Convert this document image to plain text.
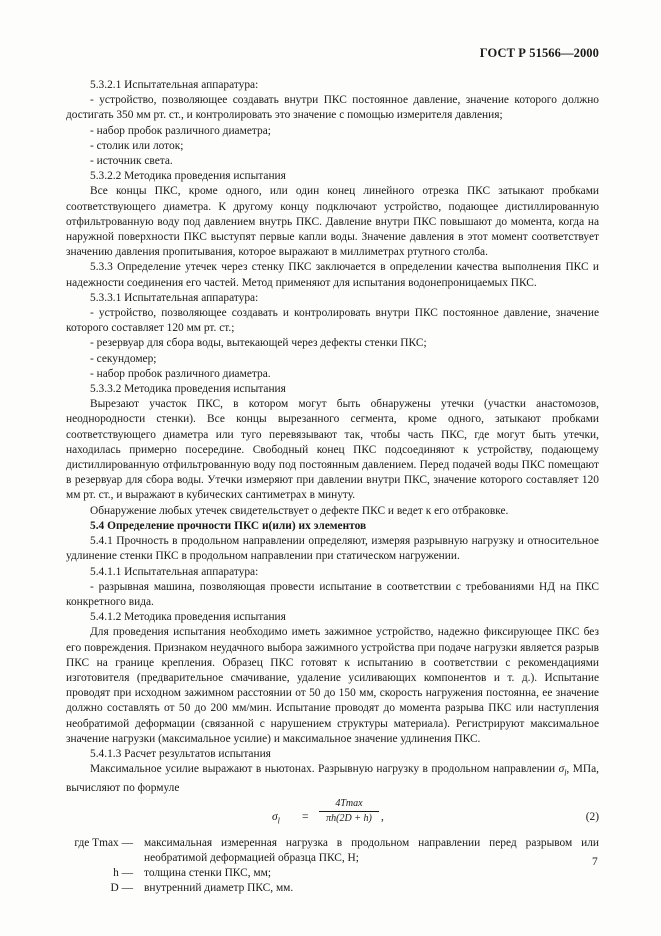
ГОСТ Р 51566—2000

5.3.2.1 Испытательная аппаратура:

- устройство, позволяющее создавать внутри ПКС постоянное давление, значение которого должно достигать 350 мм рт. ст., и контролировать это значение с помощью измерителя давления;

- набор пробок различного диаметра;

- столик или лоток;

- источник света.

5.3.2.2 Методика проведения испытания

Все концы ПКС, кроме одного, или один конец линейного отрезка ПКС затыкают пробками соответствующего диаметра. К другому концу подключают устройство, подающее дистиллированную отфильтрованную воду под давлением внутрь ПКС. Давление внутри ПКС повышают до момента, когда на наружной поверхности ПКС выступят первые капли воды. Значение давления в этот момент соответствует значению давления пропитывания, которое выражают в миллиметрах ртутного столба.

5.3.3 Определение утечек через стенку ПКС заключается в определении качества выполнения ПКС и надежности соединения его частей. Метод применяют для испытания водонепроницаемых ПКС.

5.3.3.1 Испытательная аппаратура:

- устройство, позволяющее создавать и контролировать внутри ПКС постоянное давление, значение которого составляет 120 мм рт. ст.;

- резервуар для сбора воды, вытекающей через дефекты стенки ПКС;

- секундомер;

- набор пробок различного диаметра.

5.3.3.2 Методика проведения испытания

Вырезают участок ПКС, в котором могут быть обнаружены утечки (участки анастомозов, неоднородности стенки). Все концы вырезанного сегмента, кроме одного, затыкают пробками соответствующего диаметра или туго перевязывают так, чтобы часть ПКС, где могут быть утечки, находилась примерно посередине. Свободный конец ПКС подсоединяют к устройству, подающему дистиллированную отфильтрованную воду под постоянным давлением. Перед подачей воды ПКС помещают в резервуар для сбора воды. Утечки измеряют при давлении внутри ПКС, значение которого составляет 120 мм рт. ст., и выражают в кубических сантиметрах в минуту.

Обнаружение любых утечек свидетельствует о дефекте ПКС и ведет к его отбраковке.

5.4 Определение прочности ПКС и(или) их элементов

5.4.1 Прочность в продольном направлении определяют, измеряя разрывную нагрузку и относительное удлинение стенки ПКС в продольном направлении при статическом нагружении.

5.4.1.1 Испытательная аппаратура:

- разрывная машина, позволяющая провести испытание в соответствии с требованиями НД на ПКС конкретного вида.

5.4.1.2 Методика проведения испытания

Для проведения испытания необходимо иметь зажимное устройство, надежно фиксирующее ПКС без его повреждения. Признаком неудачного выбора зажимного устройства при подаче нагрузки является разрыв ПКС на границе крепления. Образец ПКС готовят к испытанию в соответствии с рекомендациями изготовителя (предварительное смачивание, удаление усиливающих компонентов и т. д.). Испытание проводят при исходном зажимном расстоянии от 50 до 150 мм, скорость нагружения постоянна, ее значение должно составлять от 50 до 200 мм/мин. Испытание проводят до момента разрыва ПКС или наступления необратимой деформации (связанной с нарушением структуры материала). Регистрируют максимальное значение нагрузки (максимальное усилие) и максимальное значение удлинения ПКС.

5.4.1.3 Расчет результатов испытания

Максимальное усилие выражают в ньютонах. Разрывную нагрузку в продольном направлении $\sigma_l$, МПа, вычисляют по формуле

$\sigma_l$ =
4Tmax
πh(2D + h) ,	(2)
где Tmax — максимальная измеренная нагрузка в продольном направлении перед разрывом или необратимой деформацией образца ПКС, Н;
h — толщина стенки ПКС, мм;
D — внутренний диаметр ПКС, мм.
7
